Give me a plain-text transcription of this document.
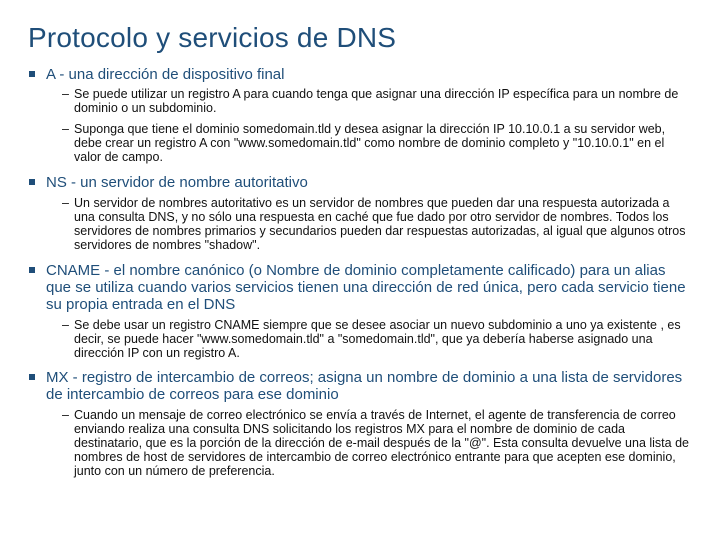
Protocolo y servicios de DNS
A - una dirección de dispositivo final
– Se puede utilizar un registro A para cuando tenga que asignar una dirección IP específica para un nombre de dominio o un subdominio.
– Suponga que tiene el dominio somedomain.tld y desea asignar la dirección IP 10.10.0.1 a su servidor web, debe crear un registro A con "www.somedomain.tld" como nombre de dominio completo y "10.10.0.1" en el valor de campo.
NS - un servidor de nombre autoritativo
– Un servidor de nombres autoritativo es un servidor de nombres que pueden dar una respuesta autorizada a una consulta DNS, y no sólo una respuesta en caché que fue dado por otro servidor de nombres. Todos los servidores de nombres primarios y secundarios pueden dar respuestas autorizadas, al igual que algunos otros servidores de nombres "shadow".
CNAME - el nombre canónico (o Nombre de dominio completamente calificado) para un alias que se utiliza cuando varios servicios tienen una dirección de red única, pero cada servicio tiene su propia entrada en el DNS
– Se debe usar un registro CNAME siempre que se desee asociar un nuevo subdominio a uno ya existente , es decir, se puede hacer "www.somedomain.tld" a "somedomain.tld", que ya debería haberse asignado una dirección IP con un registro A.
MX - registro de intercambio de correos; asigna un nombre de dominio a una lista de servidores de intercambio de correos para ese dominio
– Cuando un mensaje de correo electrónico se envía a través de Internet, el agente de transferencia de correo enviando realiza una consulta DNS solicitando los registros MX para el nombre de dominio de cada destinatario, que es la porción de la dirección de e-mail después de la "@". Esta consulta devuelve una lista de nombres de host de servidores de intercambio de correo electrónico entrante para que acepten ese dominio, junto con un número de preferencia.
